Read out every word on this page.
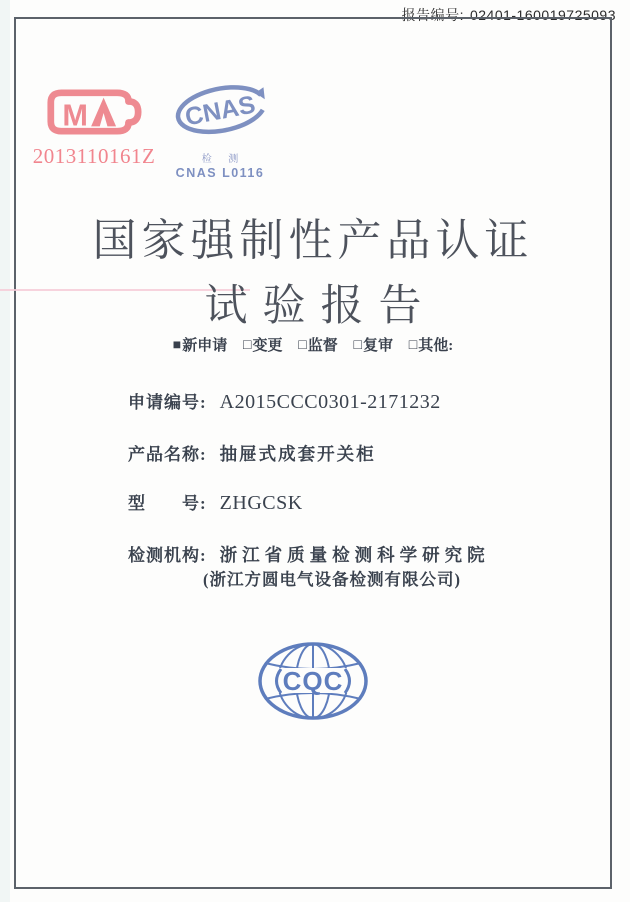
报告编号: 02401-160019725093
M
2013110161Z
CNAS
检 测
CNAS L0116
国家强制性产品认证
试验报告
■新申请 □变更 □监督 □复审 □其他:
申请编号: A2015CCC0301-2171232
产品名称: 抽屉式成套开关柜
型　　号: ZHGCSK
检测机构: 浙江省质量检测科学研究院
(浙江方圆电气设备检测有限公司)
CQC
